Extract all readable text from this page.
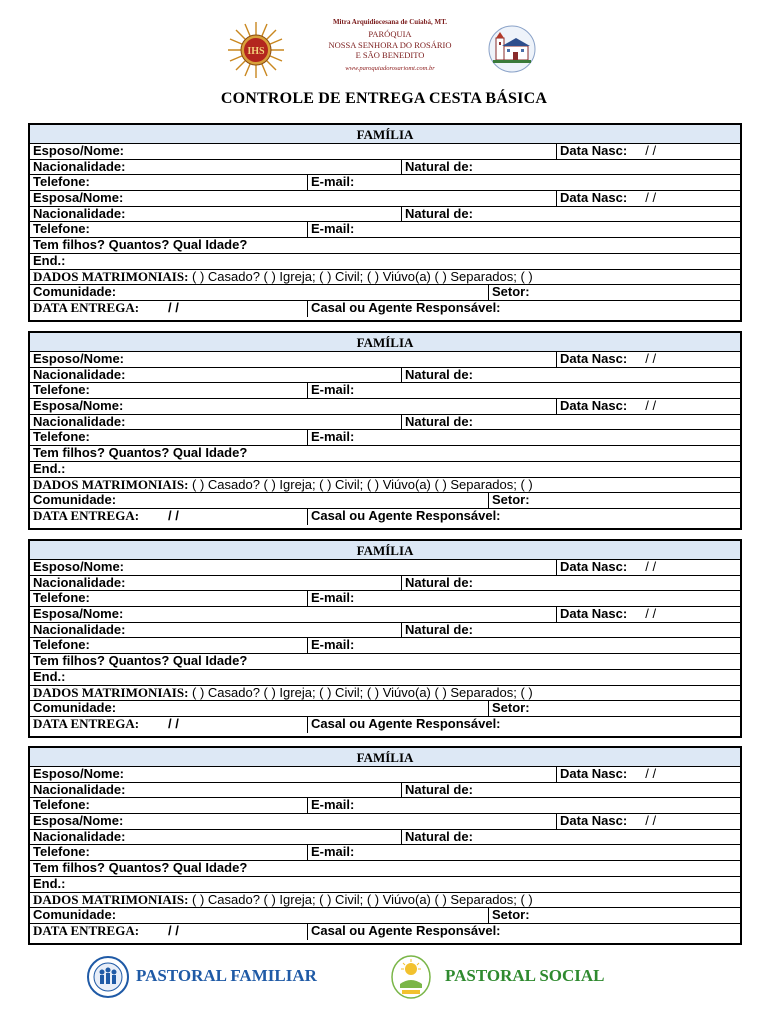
IHS
Mitra Arquidiocesana de Cuiabá, MT.
PARÓQUIA
NOSSA SENHORA DO ROSÁRIO
E SÃO BENEDITO
www.paroquiadorosariomt.com.br
CONTROLE DE ENTREGA CESTA BÁSICA
FAMÍLIA
Esposo/Nome:	Data Nasc: / /
Nacionalidade:	Natural de:
Telefone:	E-mail:
Esposa/Nome:	Data Nasc: / /
Nacionalidade:	Natural de:
Telefone:	E-mail:
Tem filhos? Quantos? Qual Idade?
End.:
DADOS MATRIMONIAIS: ( ) Casado? ( ) Igreja; ( ) Civil; ( ) Viúvo(a) ( ) Separados; ( )
Comunidade:	Setor:
DATA ENTREGA: / /	Casal ou Agente Responsável:
FAMÍLIA
Esposo/Nome:	Data Nasc: / /
Nacionalidade:	Natural de:
Telefone:	E-mail:
Esposa/Nome:	Data Nasc: / /
Nacionalidade:	Natural de:
Telefone:	E-mail:
Tem filhos? Quantos? Qual Idade?
End.:
DADOS MATRIMONIAIS: ( ) Casado? ( ) Igreja; ( ) Civil; ( ) Viúvo(a) ( ) Separados; ( )
Comunidade:	Setor:
DATA ENTREGA: / /	Casal ou Agente Responsável:
FAMÍLIA
Esposo/Nome:	Data Nasc: / /
Nacionalidade:	Natural de:
Telefone:	E-mail:
Esposa/Nome:	Data Nasc: / /
Nacionalidade:	Natural de:
Telefone:	E-mail:
Tem filhos? Quantos? Qual Idade?
End.:
DADOS MATRIMONIAIS: ( ) Casado? ( ) Igreja; ( ) Civil; ( ) Viúvo(a) ( ) Separados; ( )
Comunidade:	Setor:
DATA ENTREGA: / /	Casal ou Agente Responsável:
FAMÍLIA
Esposo/Nome:	Data Nasc: / /
Nacionalidade:	Natural de:
Telefone:	E-mail:
Esposa/Nome:	Data Nasc: / /
Nacionalidade:	Natural de:
Telefone:	E-mail:
Tem filhos? Quantos? Qual Idade?
End.:
DADOS MATRIMONIAIS: ( ) Casado? ( ) Igreja; ( ) Civil; ( ) Viúvo(a) ( ) Separados; ( )
Comunidade:	Setor:
DATA ENTREGA: / /	Casal ou Agente Responsável:
PASTORAL FAMILIAR	PASTORAL SOCIAL
